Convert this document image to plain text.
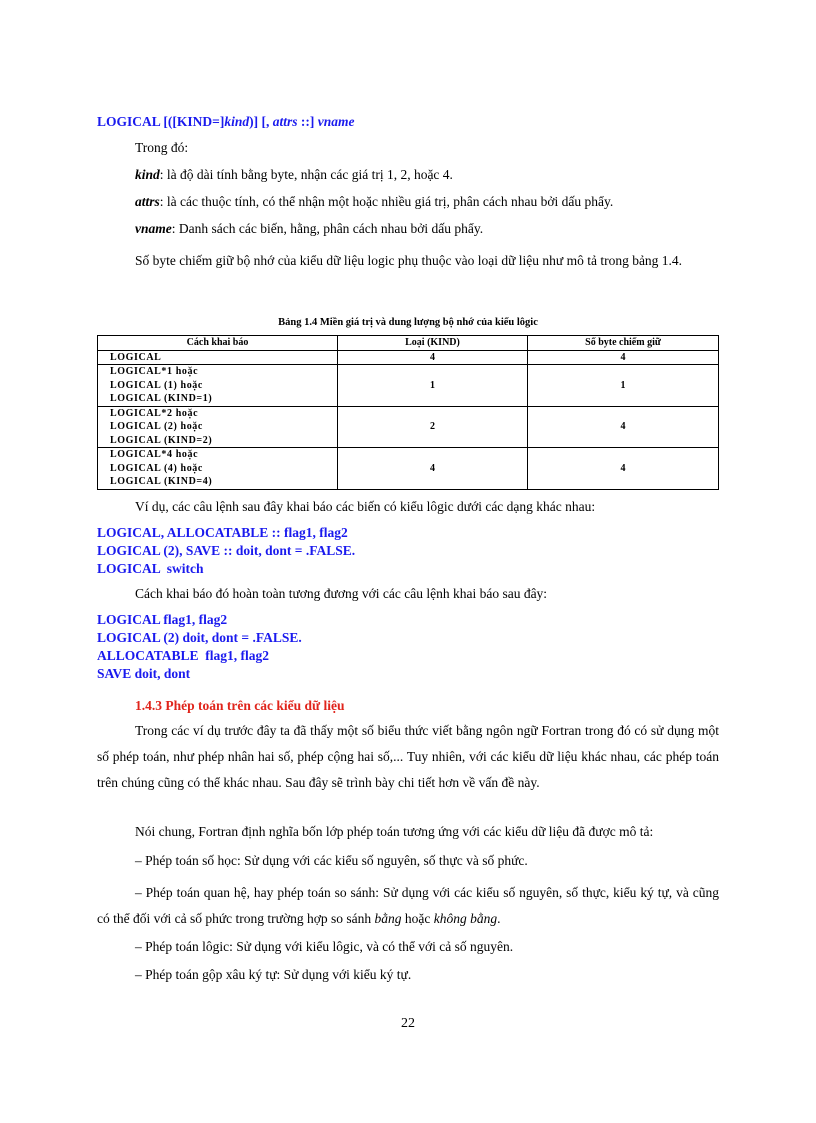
LOGICAL [([KIND=]kind)] [, attrs ::] vname
Trong đó:
kind: là độ dài tính bằng byte, nhận các giá trị 1, 2, hoặc 4.
attrs: là các thuộc tính, có thể nhận một hoặc nhiều giá trị, phân cách nhau bởi dấu phẩy.
vname: Danh sách các biến, hằng, phân cách nhau bởi dấu phẩy.
Số byte chiếm giữ bộ nhớ của kiểu dữ liệu logic phụ thuộc vào loại dữ liệu như mô tả trong bảng 1.4.
Bảng 1.4 Miền giá trị và dung lượng bộ nhớ của kiểu lôgic
Cách khai báo	Loại (KIND)	Số byte chiếm giữ
LOGICAL	4	4

LOGICAL*1 hoặc
LOGICAL (1) hoặc
LOGICAL (KIND=1)	1	1

LOGICAL*2 hoặc
LOGICAL (2) hoặc
LOGICAL (KIND=2)	2	4

LOGICAL*4 hoặc
LOGICAL (4) hoặc
LOGICAL (KIND=4)	4	4
Ví dụ, các câu lệnh sau đây khai báo các biến có kiểu lôgic dưới các dạng khác nhau:
LOGICAL, ALLOCATABLE :: flag1, flag2
LOGICAL (2), SAVE :: doit, dont = .FALSE.
LOGICAL  switch
Cách khai báo đó hoàn toàn tương đương với các câu lệnh khai báo sau đây:
LOGICAL flag1, flag2
LOGICAL (2) doit, dont = .FALSE.
ALLOCATABLE  flag1, flag2
SAVE doit, dont
1.4.3 Phép toán trên các kiểu dữ liệu
Trong các ví dụ trước đây ta đã thấy một số biểu thức viết bằng ngôn ngữ Fortran trong đó có sử dụng một số phép toán, như phép nhân hai số, phép cộng hai số,... Tuy nhiên, với các kiểu dữ liệu khác nhau, các phép toán trên chúng cũng có thể khác nhau. Sau đây sẽ trình bày chi tiết hơn về vấn đề này.
Nói chung, Fortran định nghĩa bốn lớp phép toán tương ứng với các kiểu dữ liệu đã được mô tả:
– Phép toán số học: Sử dụng với các kiểu số nguyên, số thực và số phức.
– Phép toán quan hệ, hay phép toán so sánh: Sử dụng với các kiểu số nguyên, số thực, kiểu ký tự, và cũng có thể đối với cả số phức trong trường hợp so sánh bằng hoặc không bằng.
– Phép toán lôgic: Sử dụng với kiểu lôgic, và có thể với cả số nguyên.
– Phép toán gộp xâu ký tự: Sử dụng với kiểu ký tự.
22
